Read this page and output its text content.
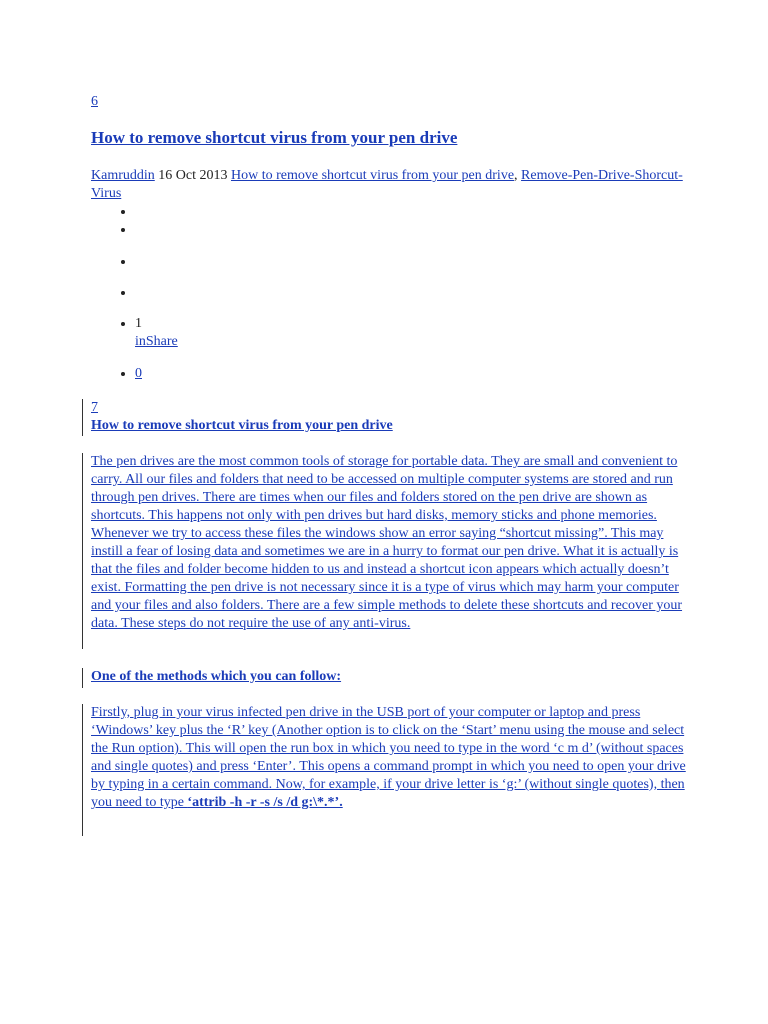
6
How to remove shortcut virus from your pen drive
Kamruddin 16 Oct 2013 How to remove shortcut virus from your pen drive, Remove-Pen-Drive-Shorcut-Virus
•
•
•
•
• 1
inShare
• 0
7
How to remove shortcut virus from your pen drive

The pen drives are the most common tools of storage for portable data. They are small and convenient to carry. All our files and folders that need to be accessed on multiple computer systems are stored and run through pen drives. There are times when our files and folders stored on the pen drive are shown as shortcuts. This happens not only with pen drives but hard disks, memory sticks and phone memories. Whenever we try to access these files the windows show an error saying “shortcut missing”. This may instill a fear of losing data and sometimes we are in a hurry to format our pen drive. What it is actually is that the files and folder become hidden to us and instead a shortcut icon appears which actually doesn’t exist. Formatting the pen drive is not necessary since it is a type of virus which may harm your computer and your files and also folders. There are a few simple methods to delete these shortcuts and recover your data. These steps do not require the use of any anti-virus.

One of the methods which you can follow:

Firstly, plug in your virus infected pen drive in the USB port of your computer or laptop and press ‘Windows’ key plus the ‘R’ key (Another option is to click on the ‘Start’ menu using the mouse and select the Run option). This will open the run box in which you need to type in the word ‘c m d’ (without spaces and single quotes) and press ‘Enter’. This opens a command prompt in which you need to open your drive by typing in a certain command. Now, for example, if your drive letter is ‘g:’ (without single quotes), then you need to type ‘attrib -h -r -s /s /d g:\*.*’.
